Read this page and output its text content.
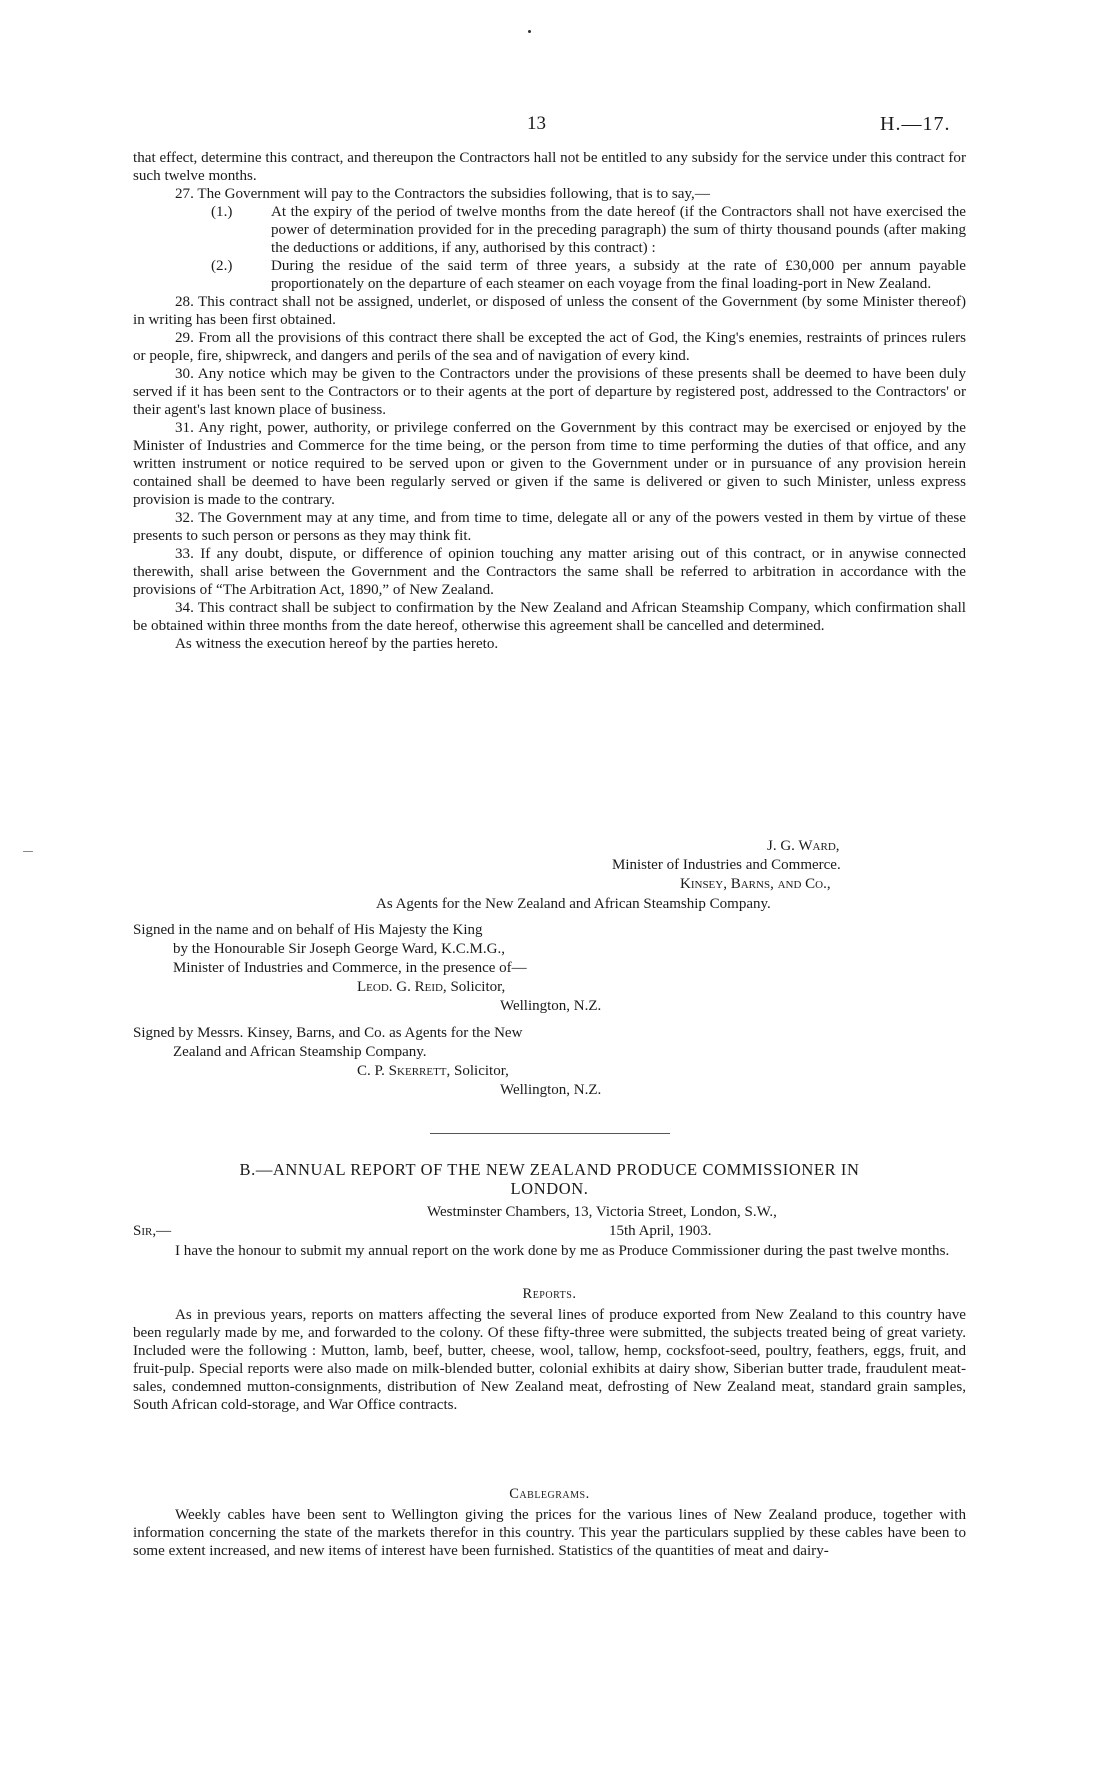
13	H.—17.

that effect, determine this contract, and thereupon the Contractors hall not be entitled to any subsidy for the service under this contract for such twelve months.

27. The Government will pay to the Contractors the subsidies following, that is to say,—

(1.)	At the expiry of the period of twelve months from the date hereof (if the Contractors shall not have exercised the power of determination provided for in the preceding paragraph) the sum of thirty thousand pounds (after making the deductions or additions, if any, authorised by this contract) :

(2.)	During the residue of the said term of three years, a subsidy at the rate of £30,000 per annum payable proportionately on the departure of each steamer on each voyage from the final loading-port in New Zealand.

28. This contract shall not be assigned, underlet, or disposed of unless the consent of the Government (by some Minister thereof) in writing has been first obtained.

29. From all the provisions of this contract there shall be excepted the act of God, the King's enemies, restraints of princes rulers or people, fire, shipwreck, and dangers and perils of the sea and of navigation of every kind.

30. Any notice which may be given to the Contractors under the provisions of these presents shall be deemed to have been duly served if it has been sent to the Contractors or to their agents at the port of departure by registered post, addressed to the Contractors' or their agent's last known place of business.

31. Any right, power, authority, or privilege conferred on the Government by this contract may be exercised or enjoyed by the Minister of Industries and Commerce for the time being, or the person from time to time performing the duties of that office, and any written instrument or notice required to be served upon or given to the Government under or in pursuance of any provision herein contained shall be deemed to have been regularly served or given if the same is delivered or given to such Minister, unless express provision is made to the contrary.

32. The Government may at any time, and from time to time, delegate all or any of the powers vested in them by virtue of these presents to such person or persons as they may think fit.

33. If any doubt, dispute, or difference of opinion touching any matter arising out of this contract, or in anywise connected therewith, shall arise between the Government and the Contractors the same shall be referred to arbitration in accordance with the provisions of “The Arbitration Act, 1890,” of New Zealand.

34. This contract shall be subject to confirmation by the New Zealand and African Steamship Company, which confirmation shall be obtained within three months from the date hereof, otherwise this agreement shall be cancelled and determined.

As witness the execution hereof by the parties hereto.

J. G. Ward,

Minister of Industries and Commerce.

Kinsey, Barns, and Co.,

As Agents for the New Zealand and African Steamship Company.

Signed in the name and on behalf of His Majesty the King

by the Honourable Sir Joseph George Ward, K.C.M.G.,

Minister of Industries and Commerce, in the presence of—

Leod. G. Reid, Solicitor,

Wellington, N.Z.

Signed by Messrs. Kinsey, Barns, and Co. as Agents for the New

Zealand and African Steamship Company.

C. P. Skerrett, Solicitor,

Wellington, N.Z.

B.—ANNUAL REPORT OF THE NEW ZEALAND PRODUCE COMMISSIONER IN
LONDON.

Westminster Chambers, 13, Victoria Street, London, S.W.,

Sir,—	15th April, 1903.

I have the honour to submit my annual report on the work done by me as Produce Commissioner during the past twelve months.

Reports.

As in previous years, reports on matters affecting the several lines of produce exported from New Zealand to this country have been regularly made by me, and forwarded to the colony. Of these fifty-three were submitted, the subjects treated being of great variety. Included were the following : Mutton, lamb, beef, butter, cheese, wool, tallow, hemp, cocksfoot-seed, poultry, feathers, eggs, fruit, and fruit-pulp. Special reports were also made on milk-blended butter, colonial exhibits at dairy show, Siberian butter trade, fraudulent meat-sales, condemned mutton-consignments, distribution of New Zealand meat, defrosting of New Zealand meat, standard grain samples, South African cold-storage, and War Office contracts.

Cablegrams.

Weekly cables have been sent to Wellington giving the prices for the various lines of New Zealand produce, together with information concerning the state of the markets therefor in this country. This year the particulars supplied by these cables have been to some extent increased, and new items of interest have been furnished. Statistics of the quantities of meat and dairy-
